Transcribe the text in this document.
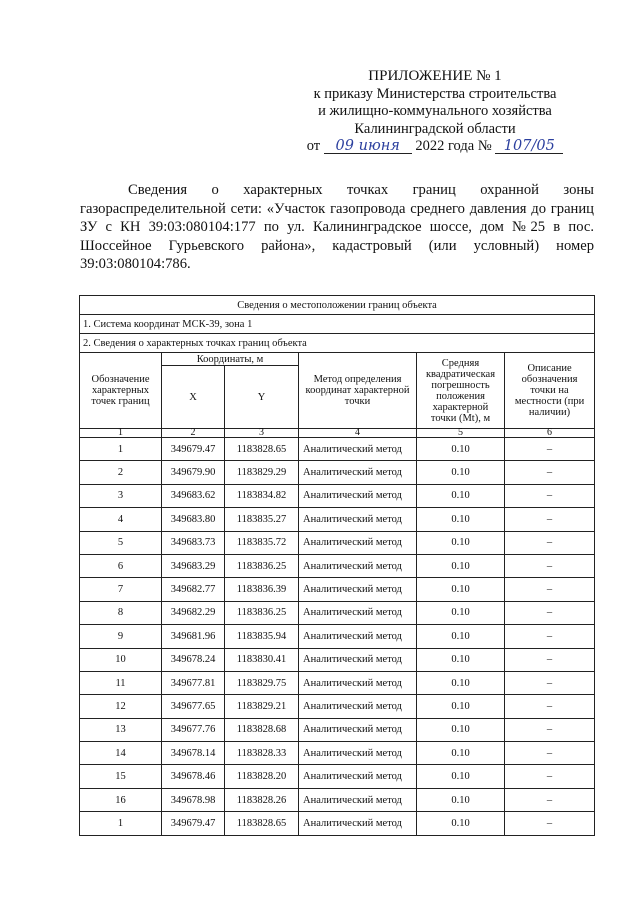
ПРИЛОЖЕНИЕ № 1
к приказу Министерства строительства
и жилищно-коммунального хозяйства
Калининградской области
от 09 июня 2022 года № 107/05
Сведения о характерных точках границ охранной зоны газораспределительной сети: «Участок газопровода среднего давления до границ ЗУ с КН 39:03:080104:177 по ул. Калининградское шоссе, дом №25 в пос. Шоссейное Гурьевского района», кадастровый (или условный) номер 39:03:080104:786.
Сведения о местоположении границ объекта					
1. Система координат МСК-39, зона 1					
2. Сведения о характерных точках границ объекта					
Обозначение характерных точек границ	Координаты, м		Метод определения координат характерной точки	Средняя квадратическая погрешность положения характерной точки (Mt), м	Описание обозначения точки на местности (при наличии)
	X	Y			
1	2	3	4	5	6
1	349679.47	1183828.65	Аналитический метод	0.10	–
2	349679.90	1183829.29	Аналитический метод	0.10	–
3	349683.62	1183834.82	Аналитический метод	0.10	–
4	349683.80	1183835.27	Аналитический метод	0.10	–
5	349683.73	1183835.72	Аналитический метод	0.10	–
6	349683.29	1183836.25	Аналитический метод	0.10	–
7	349682.77	1183836.39	Аналитический метод	0.10	–
8	349682.29	1183836.25	Аналитический метод	0.10	–
9	349681.96	1183835.94	Аналитический метод	0.10	–
10	349678.24	1183830.41	Аналитический метод	0.10	–
11	349677.81	1183829.75	Аналитический метод	0.10	–
12	349677.65	1183829.21	Аналитический метод	0.10	–
13	349677.76	1183828.68	Аналитический метод	0.10	–
14	349678.14	1183828.33	Аналитический метод	0.10	–
15	349678.46	1183828.20	Аналитический метод	0.10	–
16	349678.98	1183828.26	Аналитический метод	0.10	–
1	349679.47	1183828.65	Аналитический метод	0.10	–
